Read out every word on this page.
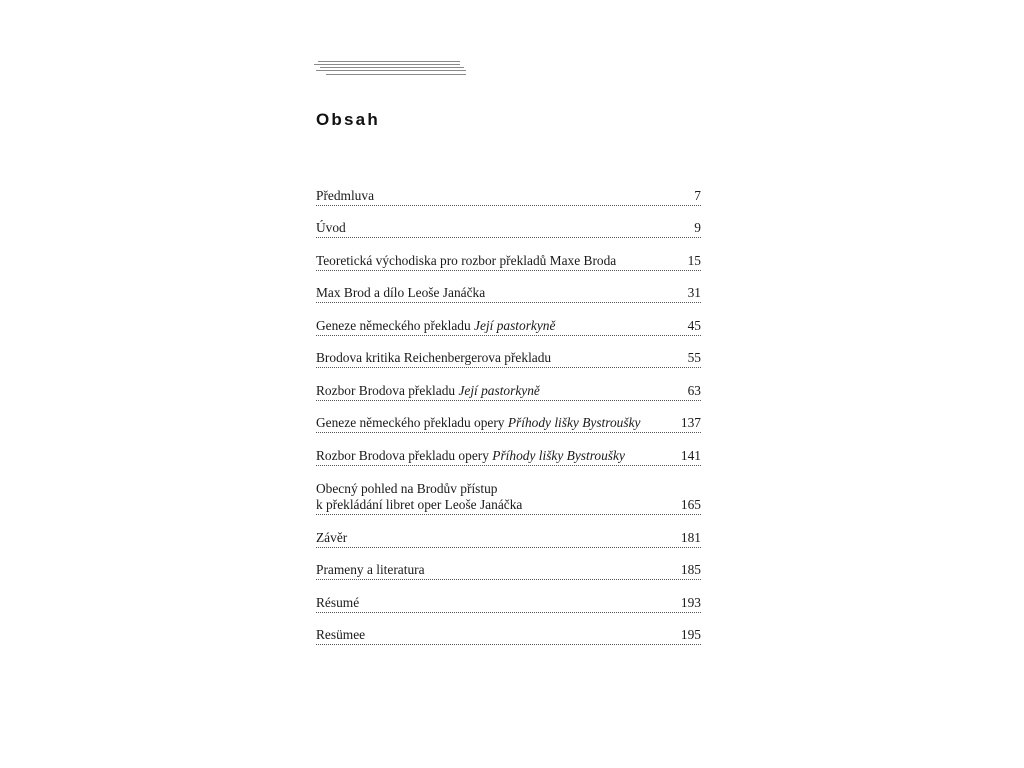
Obsah
Předmluva	7
Úvod	9
Teoretická východiska pro rozbor překladů Maxe Broda	15
Max Brod a dílo Leoše Janáčka	31
Geneze německého překladu Její pastorkyně	45
Brodova kritika Reichenbergerova překladu	55
Rozbor Brodova překladu Její pastorkyně	63
Geneze německého překladu opery Příhody lišky Bystroušky	137
Rozbor Brodova překladu opery Příhody lišky Bystroušky	141
Obecný pohled na Brodův přístup
k překládání libret oper Leoše Janáčka	165
Závěr	181
Prameny a literatura	185
Résumé	193
Resümee	195
